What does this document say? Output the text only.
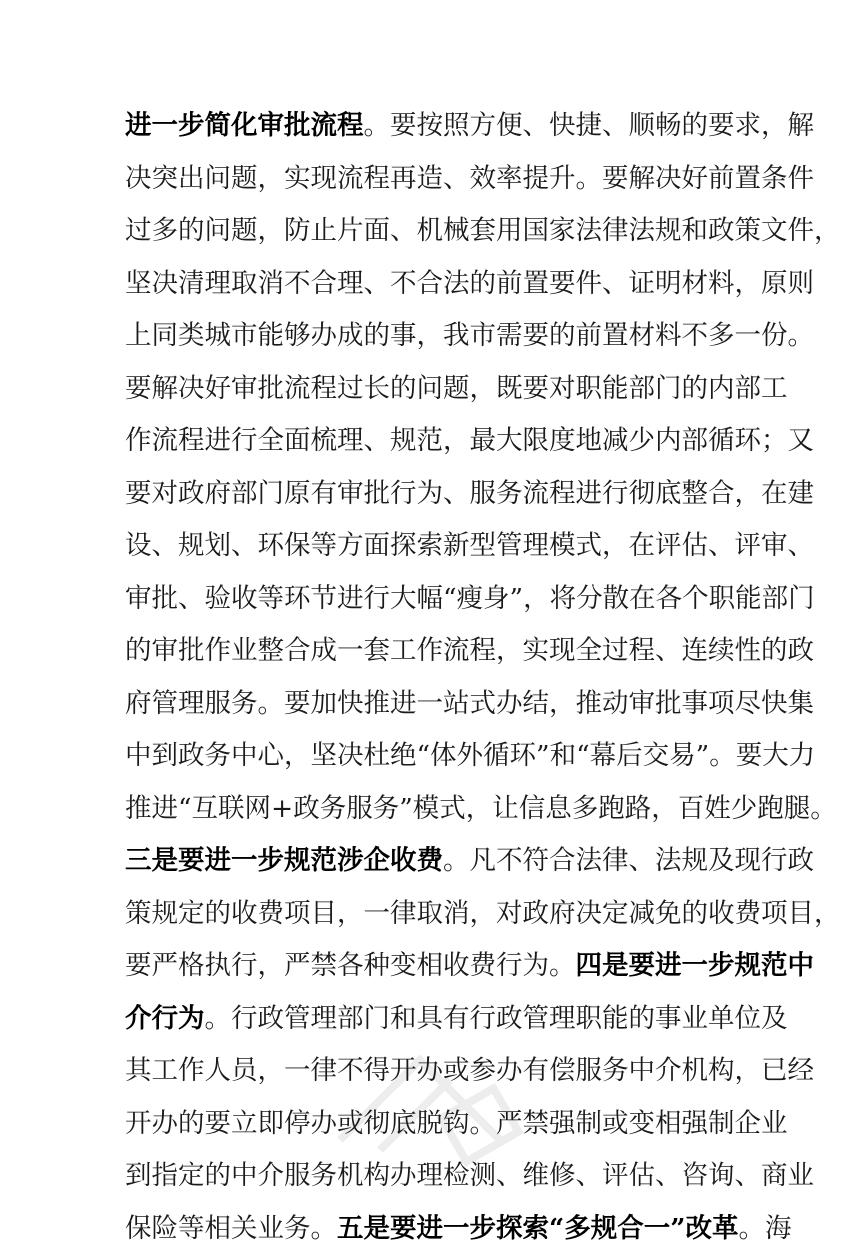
进一步简化审批流程。要按照方便、快捷、顺畅的要求，解
决突出问题，实现流程再造、效率提升。要解决好前置条件
过多的问题，防止片面、机械套用国家法律法规和政策文件，
坚决清理取消不合理、不合法的前置要件、证明材料，原则
上同类城市能够办成的事，我市需要的前置材料不多一份。
要解决好审批流程过长的问题，既要对职能部门的内部工
作流程进行全面梳理、规范，最大限度地减少内部循环；又
要对政府部门原有审批行为、服务流程进行彻底整合，在建
设、规划、环保等方面探索新型管理模式，在评估、评审、
审批、验收等环节进行大幅“瘦身”，将分散在各个职能部门
的审批作业整合成一套工作流程，实现全过程、连续性的政
府管理服务。要加快推进一站式办结，推动审批事项尽快集
中到政务中心，坚决杜绝“体外循环”和“幕后交易”。要大力
推进“互联网+政务服务”模式，让信息多跑路，百姓少跑腿。
三是要进一步规范涉企收费。凡不符合法律、法规及现行政
策规定的收费项目，一律取消，对政府决定减免的收费项目，
要严格执行，严禁各种变相收费行为。四是要进一步规范中
介行为。行政管理部门和具有行政管理职能的事业单位及
其工作人员，一律不得开办或参办有偿服务中介机构，已经
开办的要立即停办或彻底脱钩。严禁强制或变相强制企业
到指定的中介服务机构办理检测、维修、评估、咨询、商业
保险等相关业务。五是要进一步探索“多规合一”改革。海
